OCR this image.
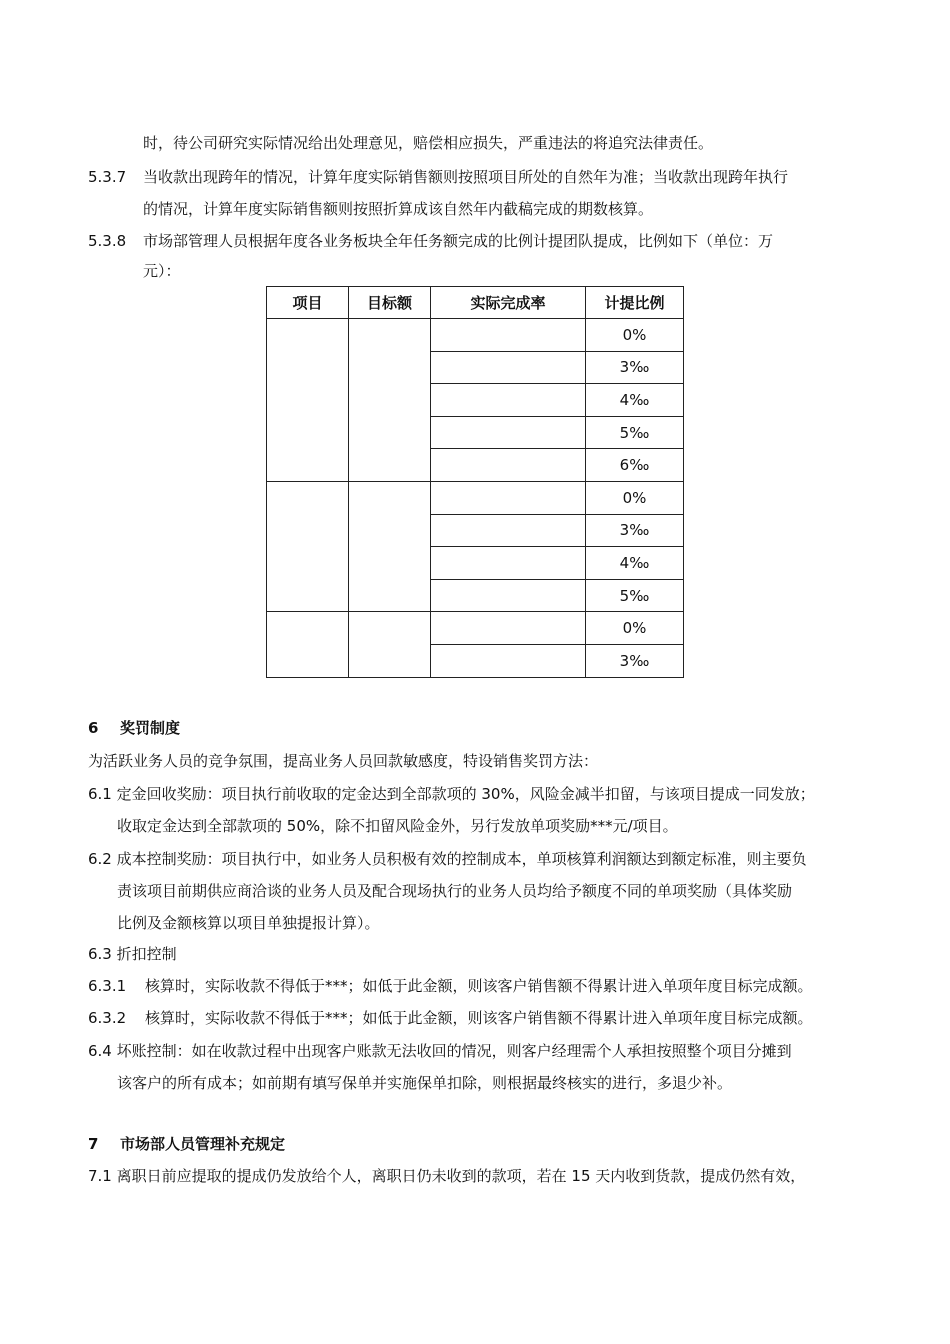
时，待公司研究实际情况给出处理意见，赔偿相应损失，严重违法的将追究法律责任。
5.3.7 当收款出现跨年的情况，计算年度实际销售额则按照项目所处的自然年为准；当收款出现跨年执行
的情况，计算年度实际销售额则按照折算成该自然年内截稿完成的期数核算。
5.3.8 市场部管理人员根据年度各业务板块全年任务额完成的比例计提团队提成，比例如下（单位：万
元）：
项目	目标额	实际完成率	计提比例
			0%
			3‰
			4‰
			5‰
			6‰
			0%
			3‰
			4‰
			5‰
			0%
			3‰
6 奖罚制度
为活跃业务人员的竞争氛围，提高业务人员回款敏感度，特设销售奖罚方法：
6.1 定金回收奖励：项目执行前收取的定金达到全部款项的 30%，风险金减半扣留，与该项目提成一同发放；
收取定金达到全部款项的 50%，除不扣留风险金外，另行发放单项奖励***元/项目。
6.2 成本控制奖励：项目执行中，如业务人员积极有效的控制成本，单项核算利润额达到额定标准，则主要负
责该项目前期供应商洽谈的业务人员及配合现场执行的业务人员均给予额度不同的单项奖励（具体奖励
比例及金额核算以项目单独提报计算）。
6.3 折扣控制
6.3.1 核算时，实际收款不得低于***；如低于此金额，则该客户销售额不得累计进入单项年度目标完成额。
6.3.2 核算时，实际收款不得低于***；如低于此金额，则该客户销售额不得累计进入单项年度目标完成额。
6.4 坏账控制：如在收款过程中出现客户账款无法收回的情况，则客户经理需个人承担按照整个项目分摊到
该客户的所有成本；如前期有填写保单并实施保单扣除，则根据最终核实的进行，多退少补。
7 市场部人员管理补充规定
7.1 离职日前应提取的提成仍发放给个人，离职日仍未收到的款项，若在 15 天内收到货款，提成仍然有效，
